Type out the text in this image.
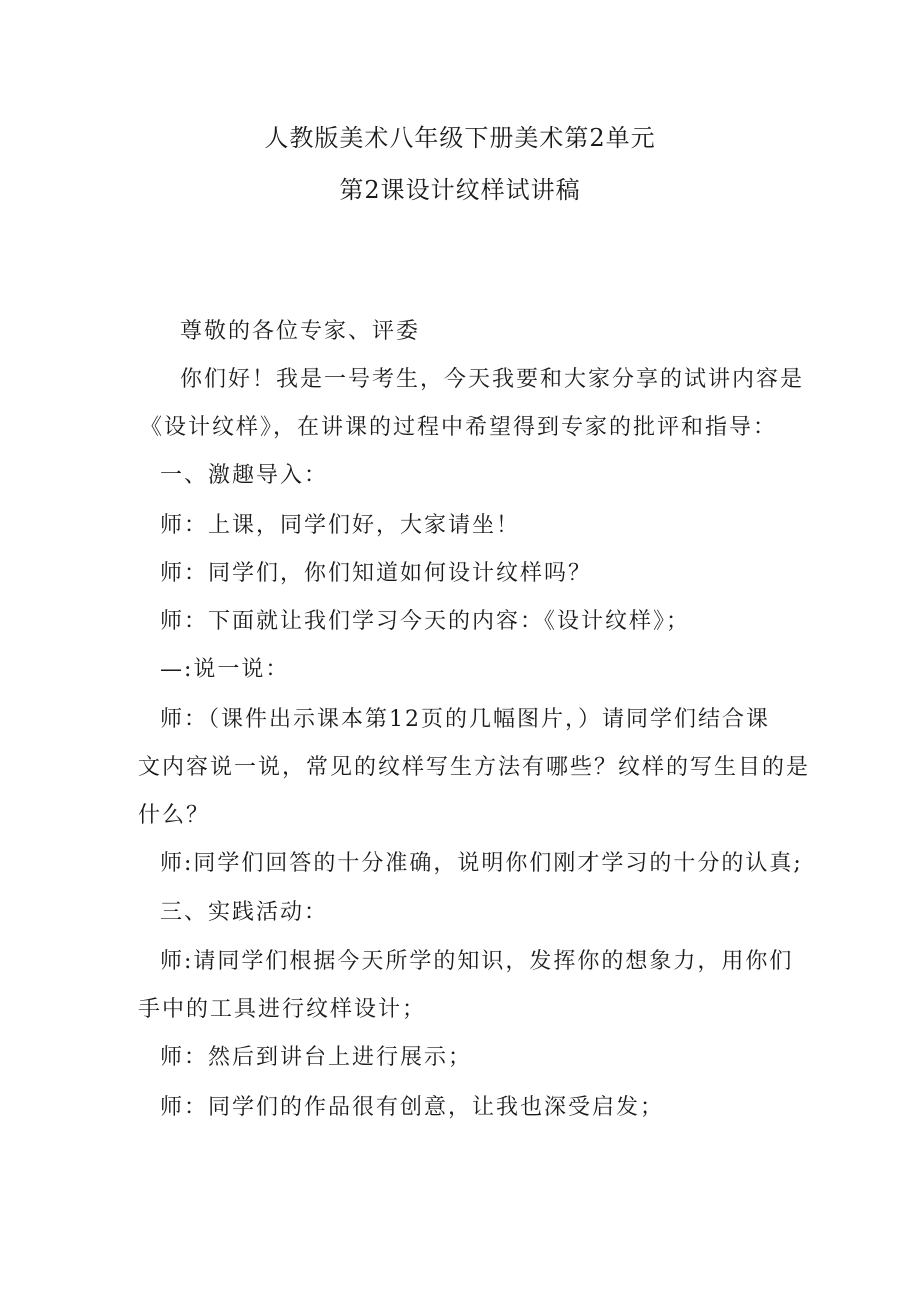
人教版美术八年级下册美术第2单元
第2课设计纹样试讲稿
尊敬的各位专家、评委
你们好！我是一号考生，今天我要和大家分享的试讲内容是
《设计纹样》，在讲课的过程中希望得到专家的批评和指导：
一、激趣导入：
师：上课，同学们好，大家请坐！
师：同学们，你们知道如何设计纹样吗？
师：下面就让我们学习今天的内容：《设计纹样》；
—:说一说：
师：（课件出示课本第12页的几幅图片，）请同学们结合课
文内容说一说，常见的纹样写生方法有哪些？纹样的写生目的是
什么？
师:同学们回答的十分准确，说明你们刚才学习的十分的认真;
三、实践活动：
师:请同学们根据今天所学的知识，发挥你的想象力，用你们
手中的工具进行纹样设计；
师：然后到讲台上进行展示；
师：同学们的作品很有创意，让我也深受启发；
